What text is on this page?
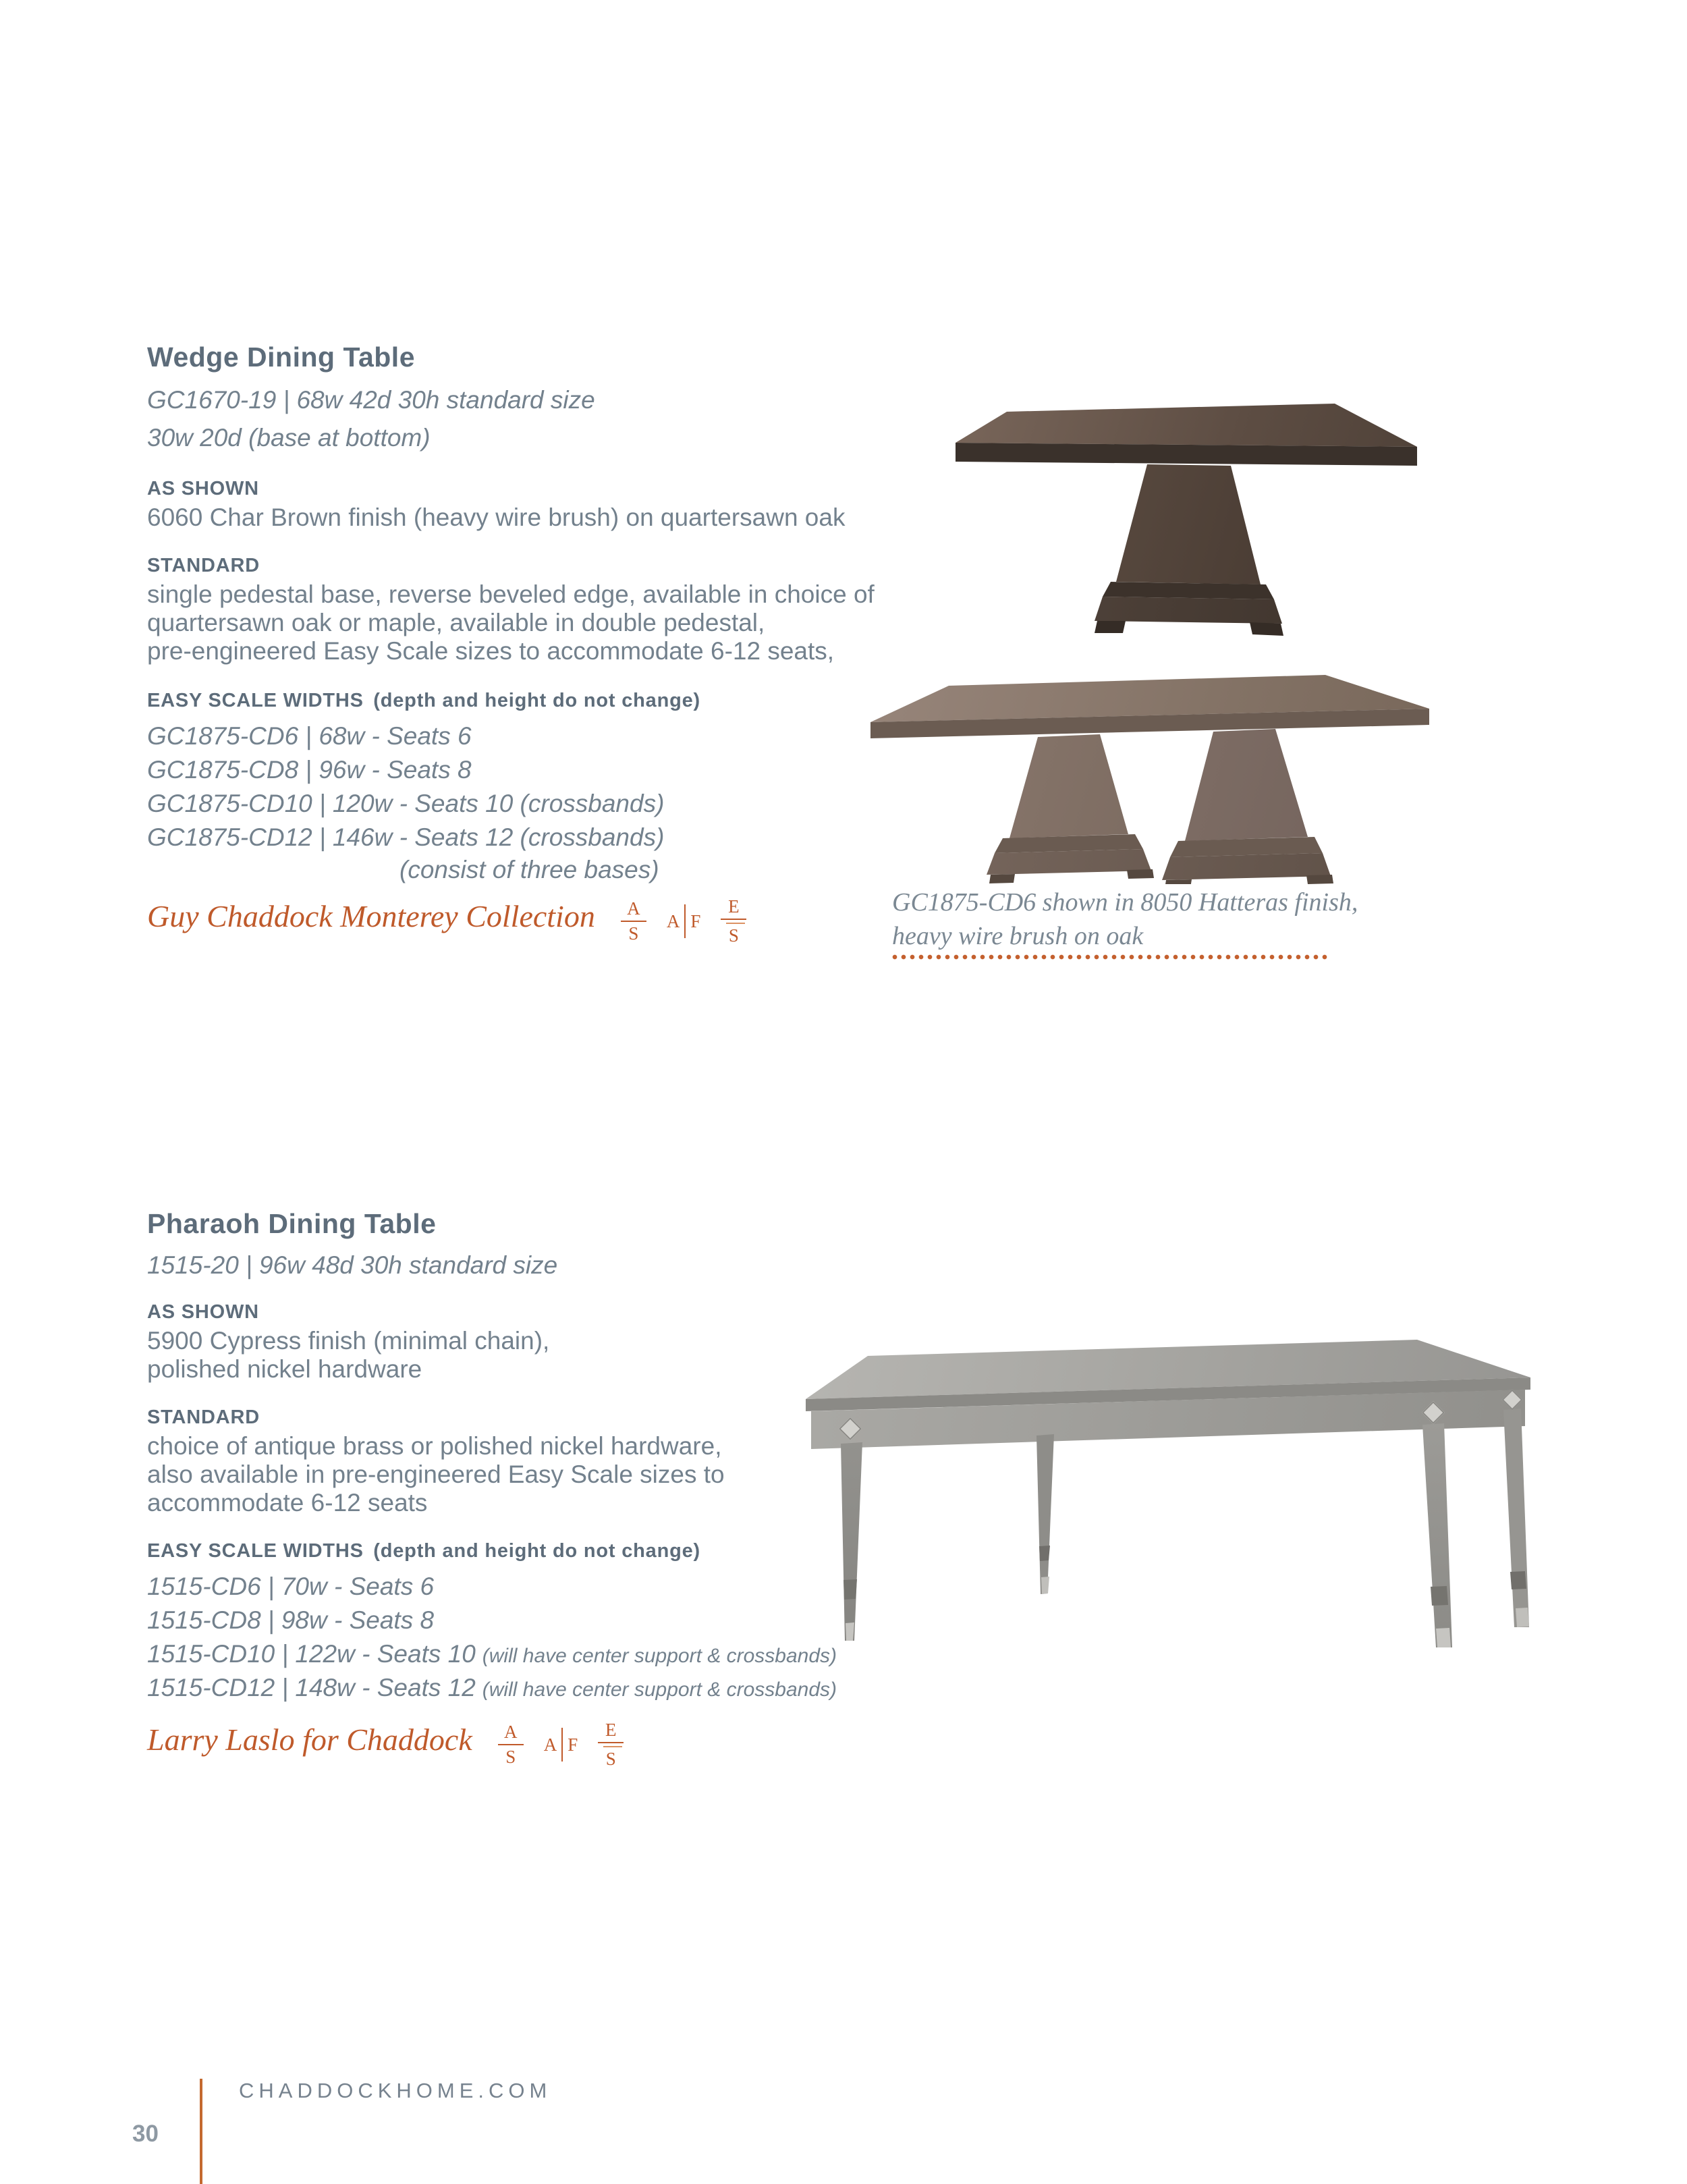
Wedge Dining Table
GC1670-19 | 68w 42d 30h standard size
30w 20d (base at bottom)
AS SHOWN
6060 Char Brown finish (heavy wire brush) on quartersawn oak
STANDARD
single pedestal base, reverse beveled edge, available in choice of
quartersawn oak or maple, available in double pedestal,
pre-engineered Easy Scale sizes to accommodate 6-12 seats,
EASY SCALE WIDTHS (depth and height do not change)
GC1875-CD6 | 68w - Seats 6
GC1875-CD8 | 96w - Seats 8
GC1875-CD10 | 120w - Seats 10 (crossbands)
GC1875-CD12 | 146w - Seats 12 (crossbands)
(consist of three bases)
Guy Chaddock Monterey Collection $\frac{A}{S}$ A F $\frac{E}{S}$	GC1875-CD6 shown in 8050 Hatteras finish,
heavy wire brush on oak
Pharaoh Dining Table
1515-20 | 96w 48d 30h standard size
AS SHOWN
5900 Cypress finish (minimal chain),
polished nickel hardware
STANDARD
choice of antique brass or polished nickel hardware,
also available in pre-engineered Easy Scale sizes to
accommodate 6-12 seats
EASY SCALE WIDTHS (depth and height do not change)
1515-CD6 | 70w - Seats 6
1515-CD8 | 98w - Seats 8
1515-CD10 | 122w - Seats 10 (will have center support & crossbands)
1515-CD12 | 148w - Seats 12 (will have center support & crossbands)
Larry Laslo for Chaddock $\frac{A}{S}$ A F $\frac{E}{S}$
CHADDOCKHOME.COM
30
